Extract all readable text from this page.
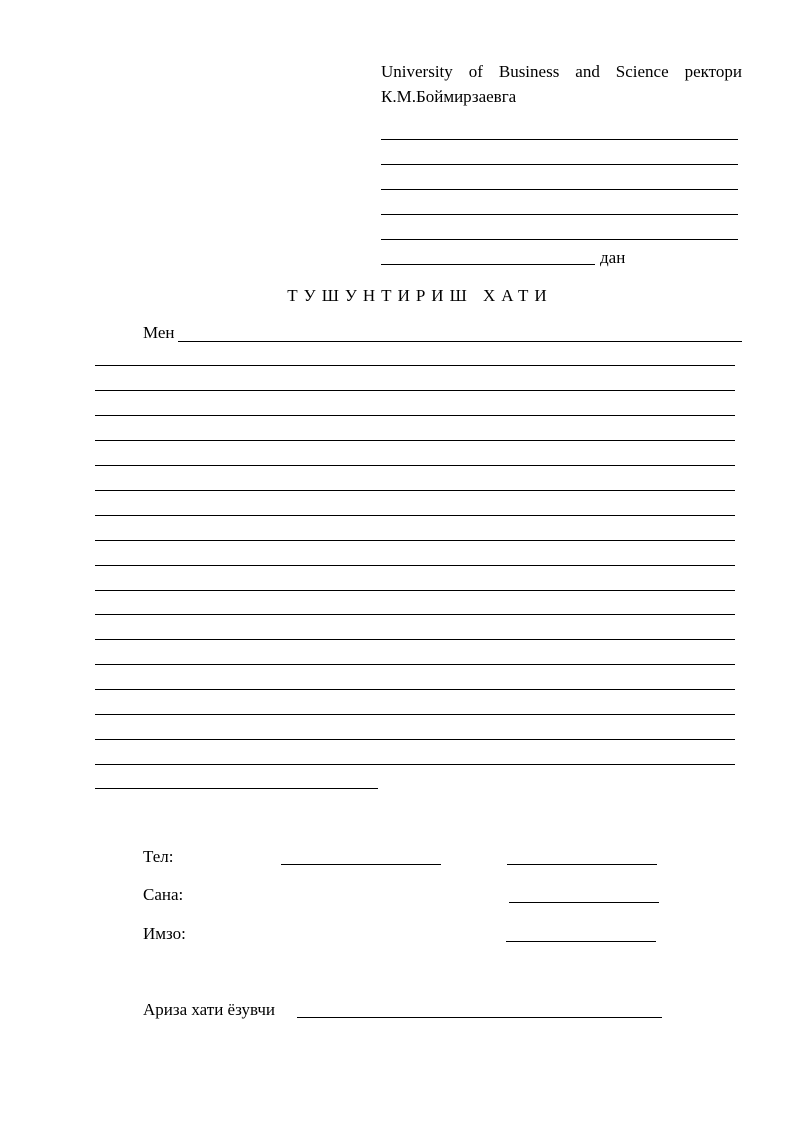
University of Business and Science ректори
К.М.Боймирзаевга
дан
ТУШУНТИРИШ ХАТИ
Мен
Тел:
Сана:
Имзо:
Ариза хати ёзувчи
